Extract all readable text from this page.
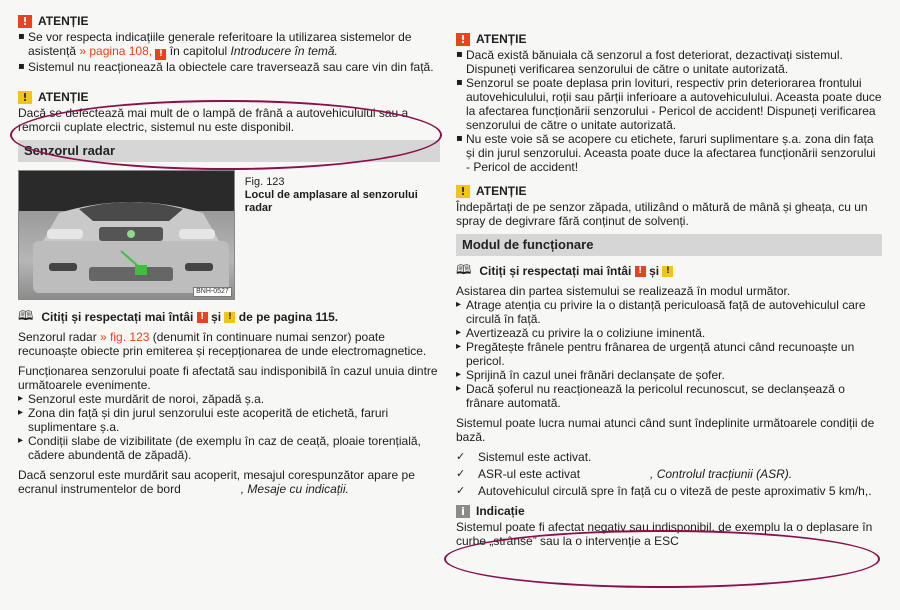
! ATENȚIE
▪ Se vor respecta indicațiile generale referitoare la utilizarea sistemelor de asistență » pagina 108, ! în capitolul Introducere în temă.
▪ Sistemul nu reacționează la obiectele care traversează sau care vin din față.
! ATENȚIE

Dacă se defectează mai mult de o lampă de frână a autovehiculului sau a remorcii cuplate electric, sistemul nu este disponibil.

Senzorul radar
BNH-0527
Fig. 123
Locul de amplasare al senzorului radar
🕮 Citiți și respectați mai întâi
!
și
!
de pe pagina 115.

Senzorul radar » fig. 123 (denumit în continuare numai senzor) poate recunoaște obiecte prin emiterea și recepționarea de unde electromagnetice.

Funcționarea senzorului poate fi afectată sau indisponibilă în cazul unuia dintre următoarele evenimente.

▸ Senzorul este murdărit de noroi, zăpadă ș.a.
▸ Zona din față și din jurul senzorului este acoperită de etichetă, faruri suplimentare ș.a.
▸ Condiții slabe de vizibilitate (de exemplu în caz de ceață, ploaie torențială, cădere abundentă de zăpadă).

Dacă senzorul este murdărit sau acoperit, mesajul corespunzător apare pe ecranul instrumentelor de bord	, Mesaje cu indicații.

! ATENȚIE
▪ Dacă există bănuiala că senzorul a fost deteriorat, dezactivați sistemul. Dispuneți verificarea senzorului de către o unitate autorizată.
▪ Senzorul se poate deplasa prin lovituri, respectiv prin deteriorarea frontului autovehiculului, roții sau părții inferioare a autovehiculului. Aceasta poate duce la afectarea funcționării senzorului - Pericol de accident! Dispuneți verificarea senzorului de către o unitate autorizată.
▪ Nu este voie să se acopere cu etichete, faruri suplimentare ș.a. zona din fața și din jurul senzorului. Aceasta poate duce la afectarea funcționării senzorului - Pericol de accident!
! ATENȚIE

Îndepărtați de pe senzor zăpada, utilizând o mătură de mână și gheața, cu un spray de degivrare fără conținut de solvenți.

Modul de funcționare
🕮 Citiți și respectați mai întâi
!
și
!

Asistarea din partea sistemului se realizează în modul următor.

▸ Atrage atenția cu privire la o distanță periculoasă față de autovehiculul care circulă în față.
▸ Avertizează cu privire la o coliziune iminentă.
▸ Pregătește frânele pentru frânarea de urgență atunci când recunoaște un pericol.
▸ Sprijină în cazul unei frânări declanșate de șofer.
▸ Dacă șoferul nu reacționează la pericolul recunoscut, se declanșează o frânare automată.

Sistemul poate lucra numai atunci când sunt îndeplinite următoarele condiții de bază.

✓ Sistemul este activat.
✓ ASR-ul este activat	, Controlul tracțiunii (ASR).
✓ Autovehiculul circulă spre în față cu o viteză de peste aproximativ 5 km/h,.
i Indicație

Sistemul poate fi afectat negativ sau indisponibil, de exemplu la o deplasare în curbe „strânse” sau la o intervenție a ESC
